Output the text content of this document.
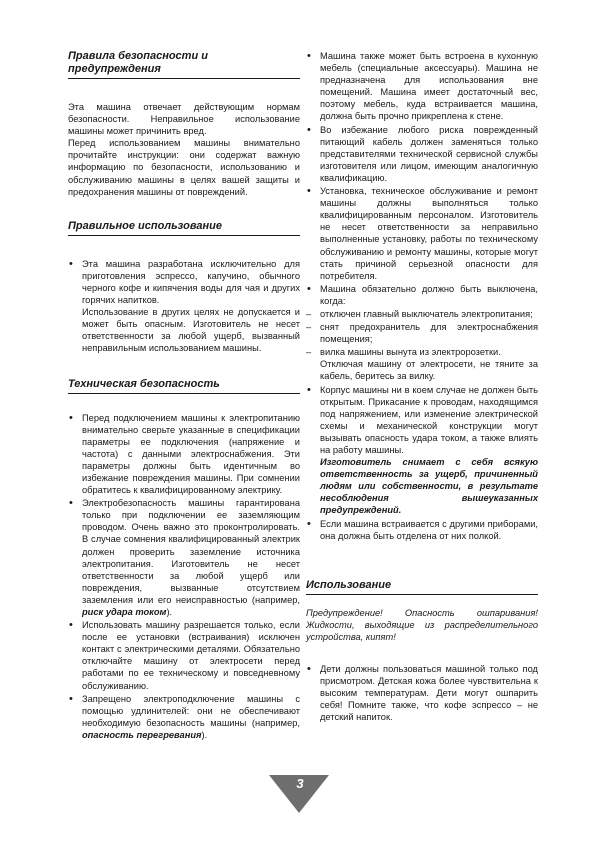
Правила безопасности и
предупреждения

Эта машина отвечает действующим нормам безопасности. Неправильное использование машины может причинить вред.

Перед использованием машины внимательно прочитайте инструкции: они содержат важную информацию по безопасности, использованию и обслуживанию машины в целях вашей защиты и предохранения машины от повреждений.

Правильное использование
• Эта машина разработана исключительно для приготовления эспрессо, капучино, обычного черного кофе и кипячения воды для чая и других горячих напитков.
Использование в других целях не допускается и может быть опасным. Изготовитель не несет ответственности за любой ущерб, вызванный неправильным использованием машины.
Техническая безопасность
• Перед подключением машины к электропитанию внимательно сверьте указанные в спецификации параметры ее подключения (напряжение и частота) с данными электроснабжения. Эти параметры должны быть идентичным во избежание повреждения машины. При сомнении обратитесь к квалифицированному электрику.
• Электробезопасность машины гарантирована только при подключении ее заземляющим проводом. Очень важно это проконтролировать. В случае сомнения квалифицированный электрик должен проверить заземление источника электропитания. Изготовитель не несет ответственности за любой ущерб или повреждения, вызванные отсутствием заземления или его неисправностью (например, риск удара током).
• Использовать машину разрешается только, если после ее установки (встраивания) исключен контакт с электрическими деталями. Обязательно отключайте машину от электросети перед работами по ее техническому и повседневному обслуживанию.
• Запрещено электроподключение машины с помощью удлинителей: они не обеспечивают необходимую безопасность машины (например, опасность перегревания).
• Машина также может быть встроена в кухонную мебель (специальные аксессуары). Машина не предназначена для использования вне помещений. Машина имеет достаточный вес, поэтому мебель, куда встраивается машина, должна быть прочно прикреплена к стене.
• Во избежание любого риска поврежденный питающий кабель должен заменяться только представителями технической сервисной службы изготовителя или лицом, имеющим аналогичную квалификацию.
• Установка, техническое обслуживание и ремонт машины должны выполняться только квалифицированным персоналом. Изготовитель не несет ответственности за неправильно выполненные установку, работы по техническому обслуживанию и ремонту машины, которые могут стать причиной серьезной опасности для потребителя.
• Машина обязательно должно быть выключена, когда:
– отключен главный выключатель электропитания;
– снят предохранитель для электроснабжения помещения;
– вилка машины вынута из электророзетки.
Отключая машину от электросети, не тяните за кабель, беритесь за вилку.
• Корпус машины ни в коем случае не должен быть открытым. Прикасание к проводам, находящимся под напряжением, или изменение электрической схемы и механической конструкции могут вызывать опасность удара током, а также влиять на работу машины.
Изготовитель снимает с себя всякую ответственность за ущерб, причиненный людям или собственности, в результате несоблюдения вышеуказанных предупреждений.
• Если машина встраивается с другими приборами, она должна быть отделена от них полкой.
Использование

Предупреждение! Опасность ошпаривания! Жидкости, выходящие из распределительного устройства, кипят!

• Дети должны пользоваться машиной только под присмотром. Детская кожа более чувствительна к высоким температурам. Дети могут ошпарить себя! Помните также, что кофе эспрессо – не детский напиток.
3
